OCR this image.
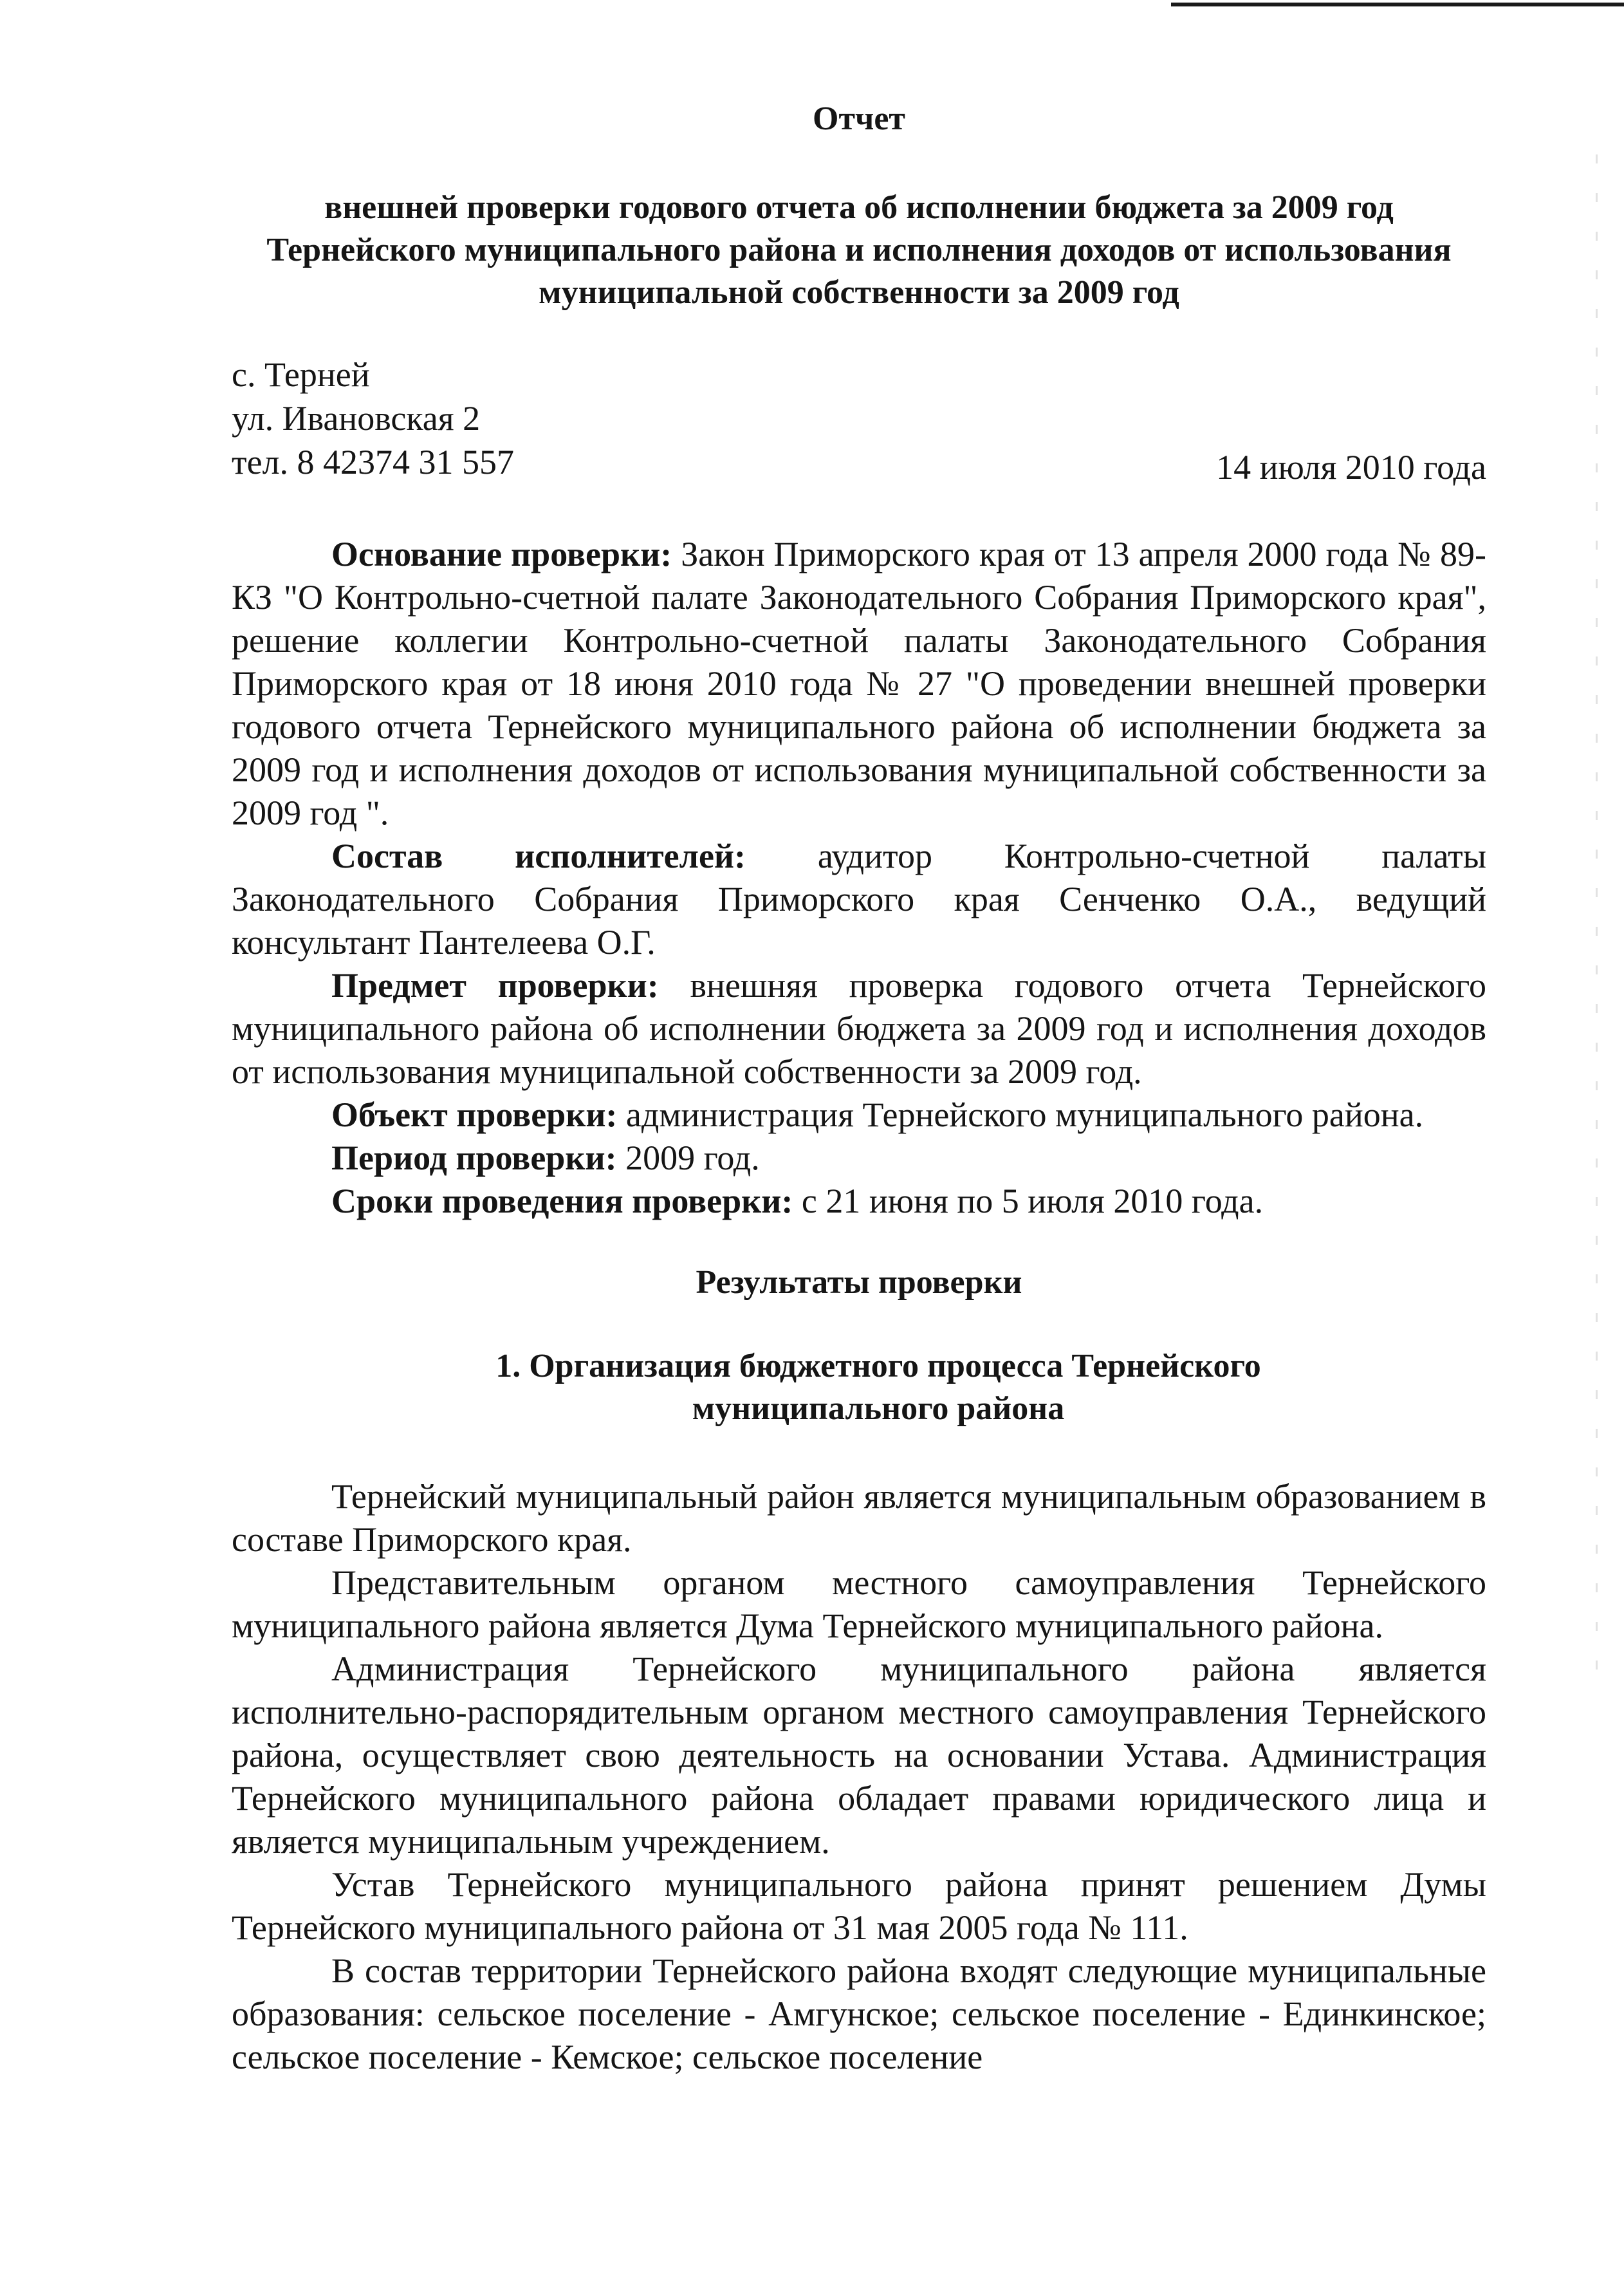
Отчет

внешней проверки годового отчета об исполнении бюджета за 2009 год Тернейского муниципального района и исполнения доходов от использования муниципальной собственности за 2009 год

с. Терней
ул. Ивановская 2
тел. 8 42374 31 557	14 июля 2010 года

Основание проверки: Закон Приморского края от 13 апреля 2000 года № 89-КЗ "О Контрольно-счетной палате Законодательного Собрания Приморского края", решение коллегии Контрольно-счетной палаты Законодательного Собрания Приморского края от 18 июня 2010 года № 27 "О проведении внешней проверки годового отчета Тернейского муниципального района об исполнении бюджета за 2009 год и исполнения доходов от использования муниципальной собственности за 2009 год ".

Состав исполнителей: аудитор Контрольно-счетной палаты Законодательного Собрания Приморского края Сенченко О.А., ведущий консультант Пантелеева О.Г.

Предмет проверки: внешняя проверка годового отчета Тернейского муниципального района об исполнении бюджета за 2009 год и исполнения доходов от использования муниципальной собственности за 2009 год.

Объект проверки: администрация Тернейского муниципального района.

Период проверки: 2009 год.

Сроки проведения проверки: с 21 июня по 5 июля 2010 года.

Результаты проверки

1. Организация бюджетного процесса Тернейского муниципального района

Тернейский муниципальный район является муниципальным образованием в составе Приморского края.

Представительным органом местного самоуправления Тернейского муниципального района является Дума Тернейского муниципального района.

Администрация Тернейского муниципального района является исполнительно-распорядительным органом местного самоуправления Тернейского района, осуществляет свою деятельность на основании Устава. Администрация Тернейского муниципального района обладает правами юридического лица и является муниципальным учреждением.

Устав Тернейского муниципального района принят решением Думы Тернейского муниципального района от 31 мая 2005 года № 111.

В состав территории Тернейского района входят следующие муниципальные образования: сельское поселение - Амгунское; сельское поселение - Единкинское; сельское поселение - Кемское; сельское поселение
